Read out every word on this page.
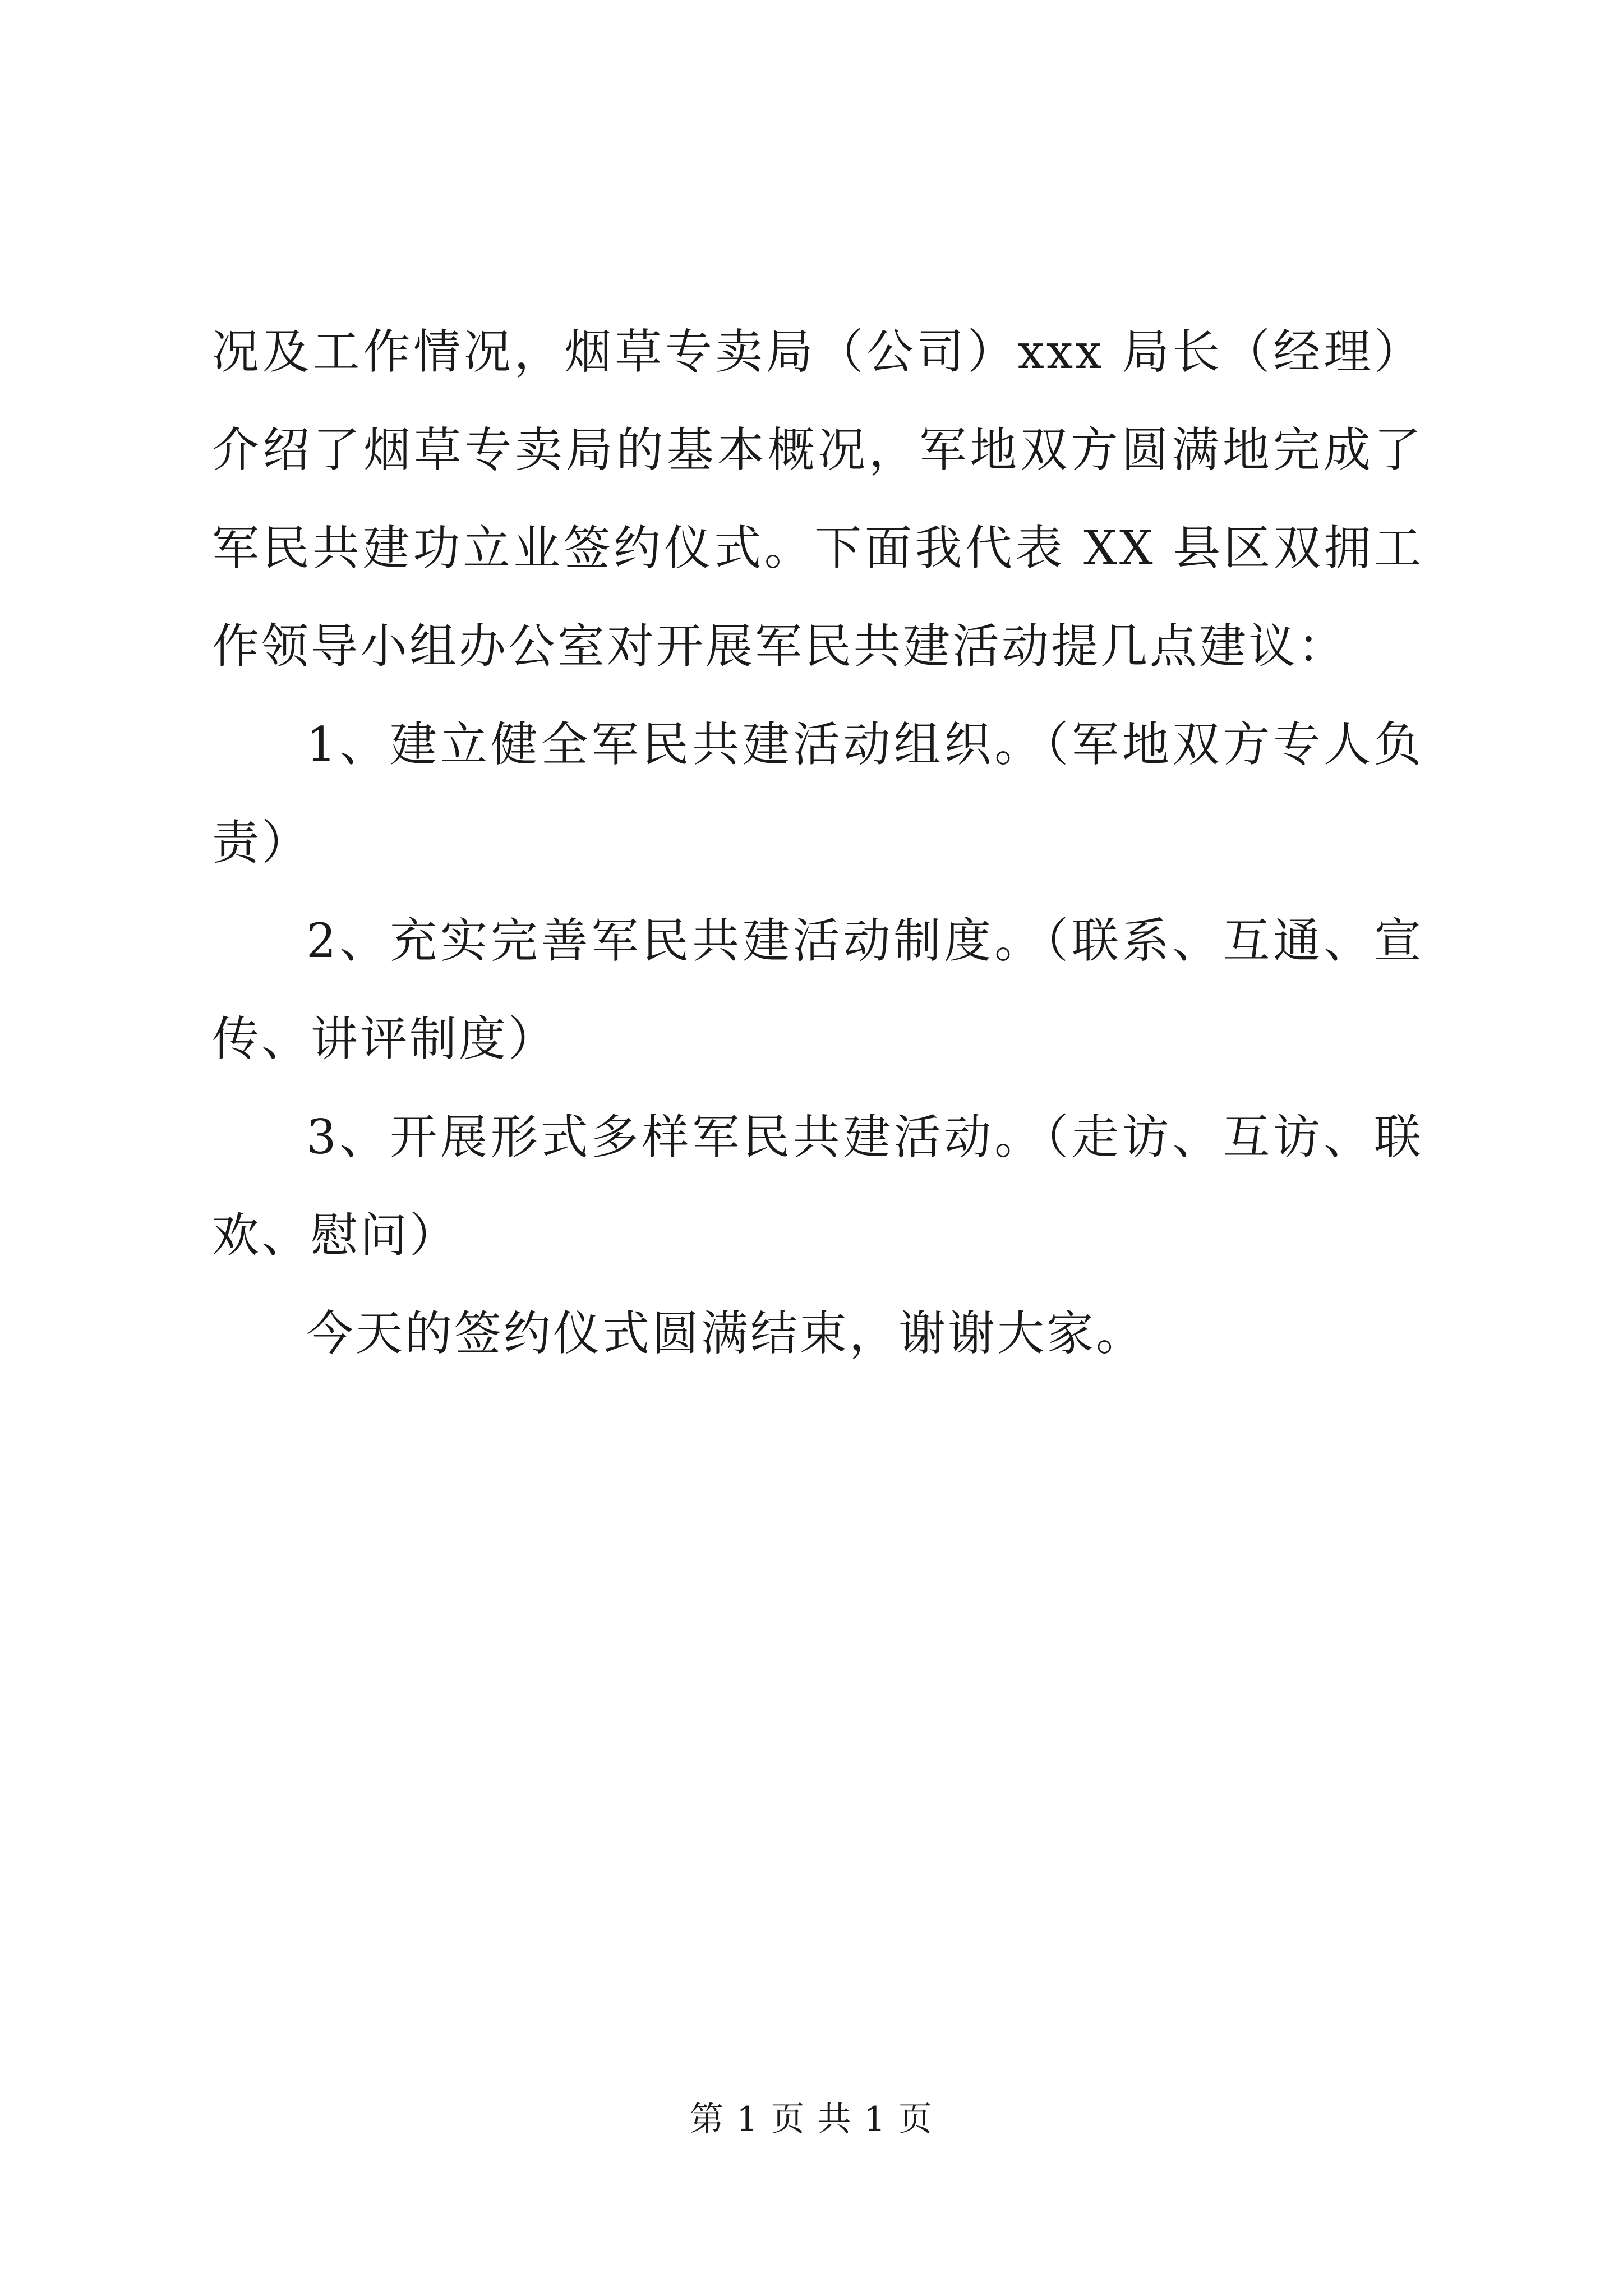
况及工作情况，烟草专卖局（公司）xxx 局长（经理）介绍了烟草专卖局的基本概况，军地双方圆满地完成了军民共建功立业签约仪式。下面我代表 XX 县区双拥工作领导小组办公室对开展军民共建活动提几点建议：

1、建立健全军民共建活动组织。（军地双方专人负责）

2、充实完善军民共建活动制度。（联系、互通、宣传、讲评制度）

3、开展形式多样军民共建活动。（走访、互访、联欢、慰问）

今天的签约仪式圆满结束，谢谢大家。

第 1 页 共 1 页
